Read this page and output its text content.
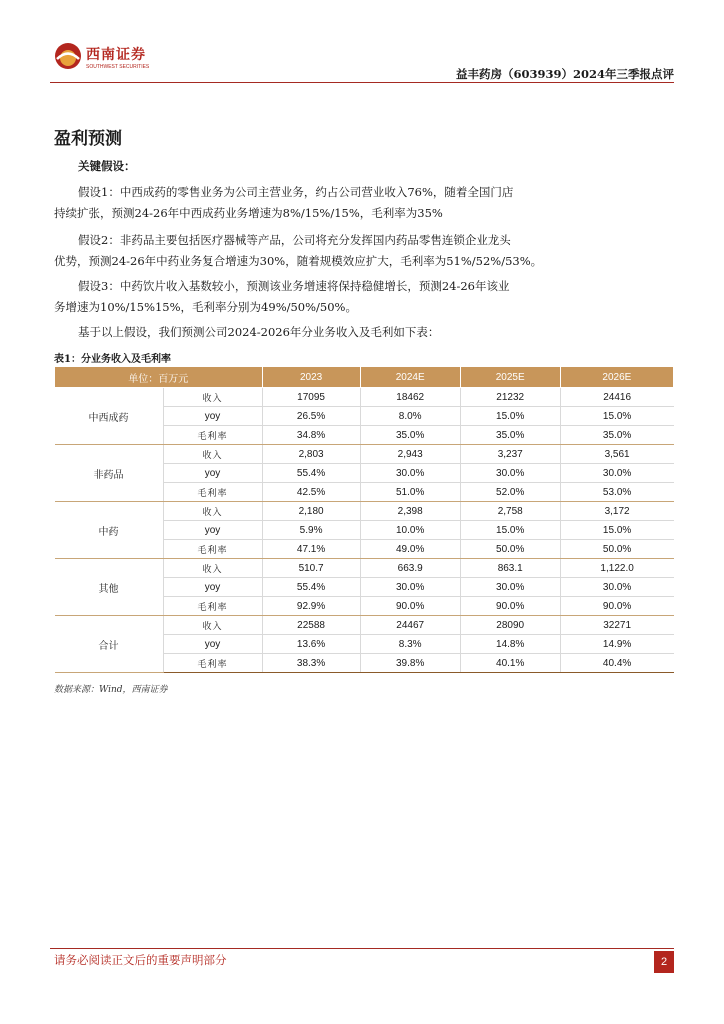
西南证券
SOUTHWEST SECURITIES	益丰药房（603939）2024年三季报点评
盈利预测
关键假设：
假设1：中西成药的零售业务为公司主营业务，约占公司营业收入76%，随着全国门店
持续扩张，预测24-26年中西成药业务增速为8%/15%/15%，毛利率为35%
假设2：非药品主要包括医疗器械等产品，公司将充分发挥国内药品零售连锁企业龙头
优势，预测24-26年中药业务复合增速为30%，随着规模效应扩大，毛利率为51%/52%/53%。
假设3：中药饮片收入基数较小，预测该业务增速将保持稳健增长，预测24-26年该业
务增速为10%/15%15%，毛利率分别为49%/50%/50%。
基于以上假设，我们预测公司2024-2026年分业务收入及毛利如下表：
表1：分业务收入及毛利率
单位：百万元		2023	2024E	2025E	2026E
中西成药	收入	17095	18462	21232	24416
	yoy	26.5%	8.0%	15.0%	15.0%
	毛利率	34.8%	35.0%	35.0%	35.0%
非药品	收入	2,803	2,943	3,237	3,561
	yoy	55.4%	30.0%	30.0%	30.0%
	毛利率	42.5%	51.0%	52.0%	53.0%
中药	收入	2,180	2,398	2,758	3,172
	yoy	5.9%	10.0%	15.0%	15.0%
	毛利率	47.1%	49.0%	50.0%	50.0%
其他	收入	510.7	663.9	863.1	1,122.0
	yoy	55.4%	30.0%	30.0%	30.0%
	毛利率	92.9%	90.0%	90.0%	90.0%
合计	收入	22588	24467	28090	32271
	yoy	13.6%	8.3%	14.8%	14.9%
	毛利率	38.3%	39.8%	40.1%	40.4%
数据来源：Wind，西南证券
请务必阅读正文后的重要声明部分	2
